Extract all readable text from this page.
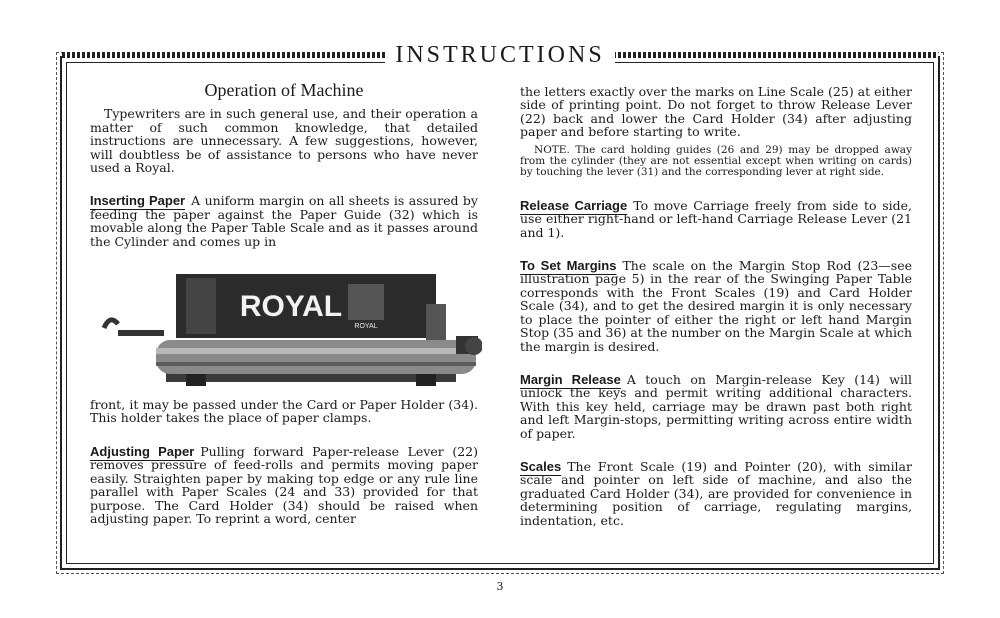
INSTRUCTIONS
Operation of Machine

Typewriters are in such general use, and their operation a matter of such common knowledge, that detailed instructions are unnecessary. A few suggestions, however, will doubtless be of assistance to persons who have never used a Royal.

Inserting Paper A uniform margin on all sheets is assured by feeding the paper against the Paper Guide (32) which is movable along the Paper Table Scale and as it passes around the Cylinder and comes up in

front, it may be passed under the Card or Paper Holder (34). This holder takes the place of paper clamps.

Adjusting Paper Pulling forward Paper-release Lever (22) removes pressure of feed-rolls and permits moving paper easily. Straighten paper by making top edge or any rule line parallel with Paper Scales (24 and 33) provided for that purpose. The Card Holder (34) should be raised when adjusting paper. To reprint a word, center

ROYAL
ROYAL

the letters exactly over the marks on Line Scale (25) at either side of printing point. Do not forget to throw Release Lever (22) back and lower the Card Holder (34) after adjusting paper and before starting to write.

NOTE. The card holding guides (26 and 29) may be dropped away from the cylinder (they are not essential except when writing on cards) by touching the lever (31) and the corresponding lever at right side.

Release Carriage To move Carriage freely from side to side, use either right-hand or left-hand Carriage Release Lever (21 and 1).

To Set Margins The scale on the Margin Stop Rod (23—see illustration page 5) in the rear of the Swinging Paper Table corresponds with the Front Scales (19) and Card Holder Scale (34), and to get the desired margin it is only necessary to place the pointer of either the right or left hand Margin Stop (35 and 36) at the number on the Margin Scale at which the margin is desired.

Margin Release A touch on Margin-release Key (14) will unlock the keys and permit writing additional characters. With this key held, carriage may be drawn past both right and left Margin-stops, permitting writing across entire width of paper.

Scales The Front Scale (19) and Pointer (20), with similar scale and pointer on left side of machine, and also the graduated Card Holder (34), are provided for convenience in determining position of carriage, regulating margins, indentation, etc.

3
